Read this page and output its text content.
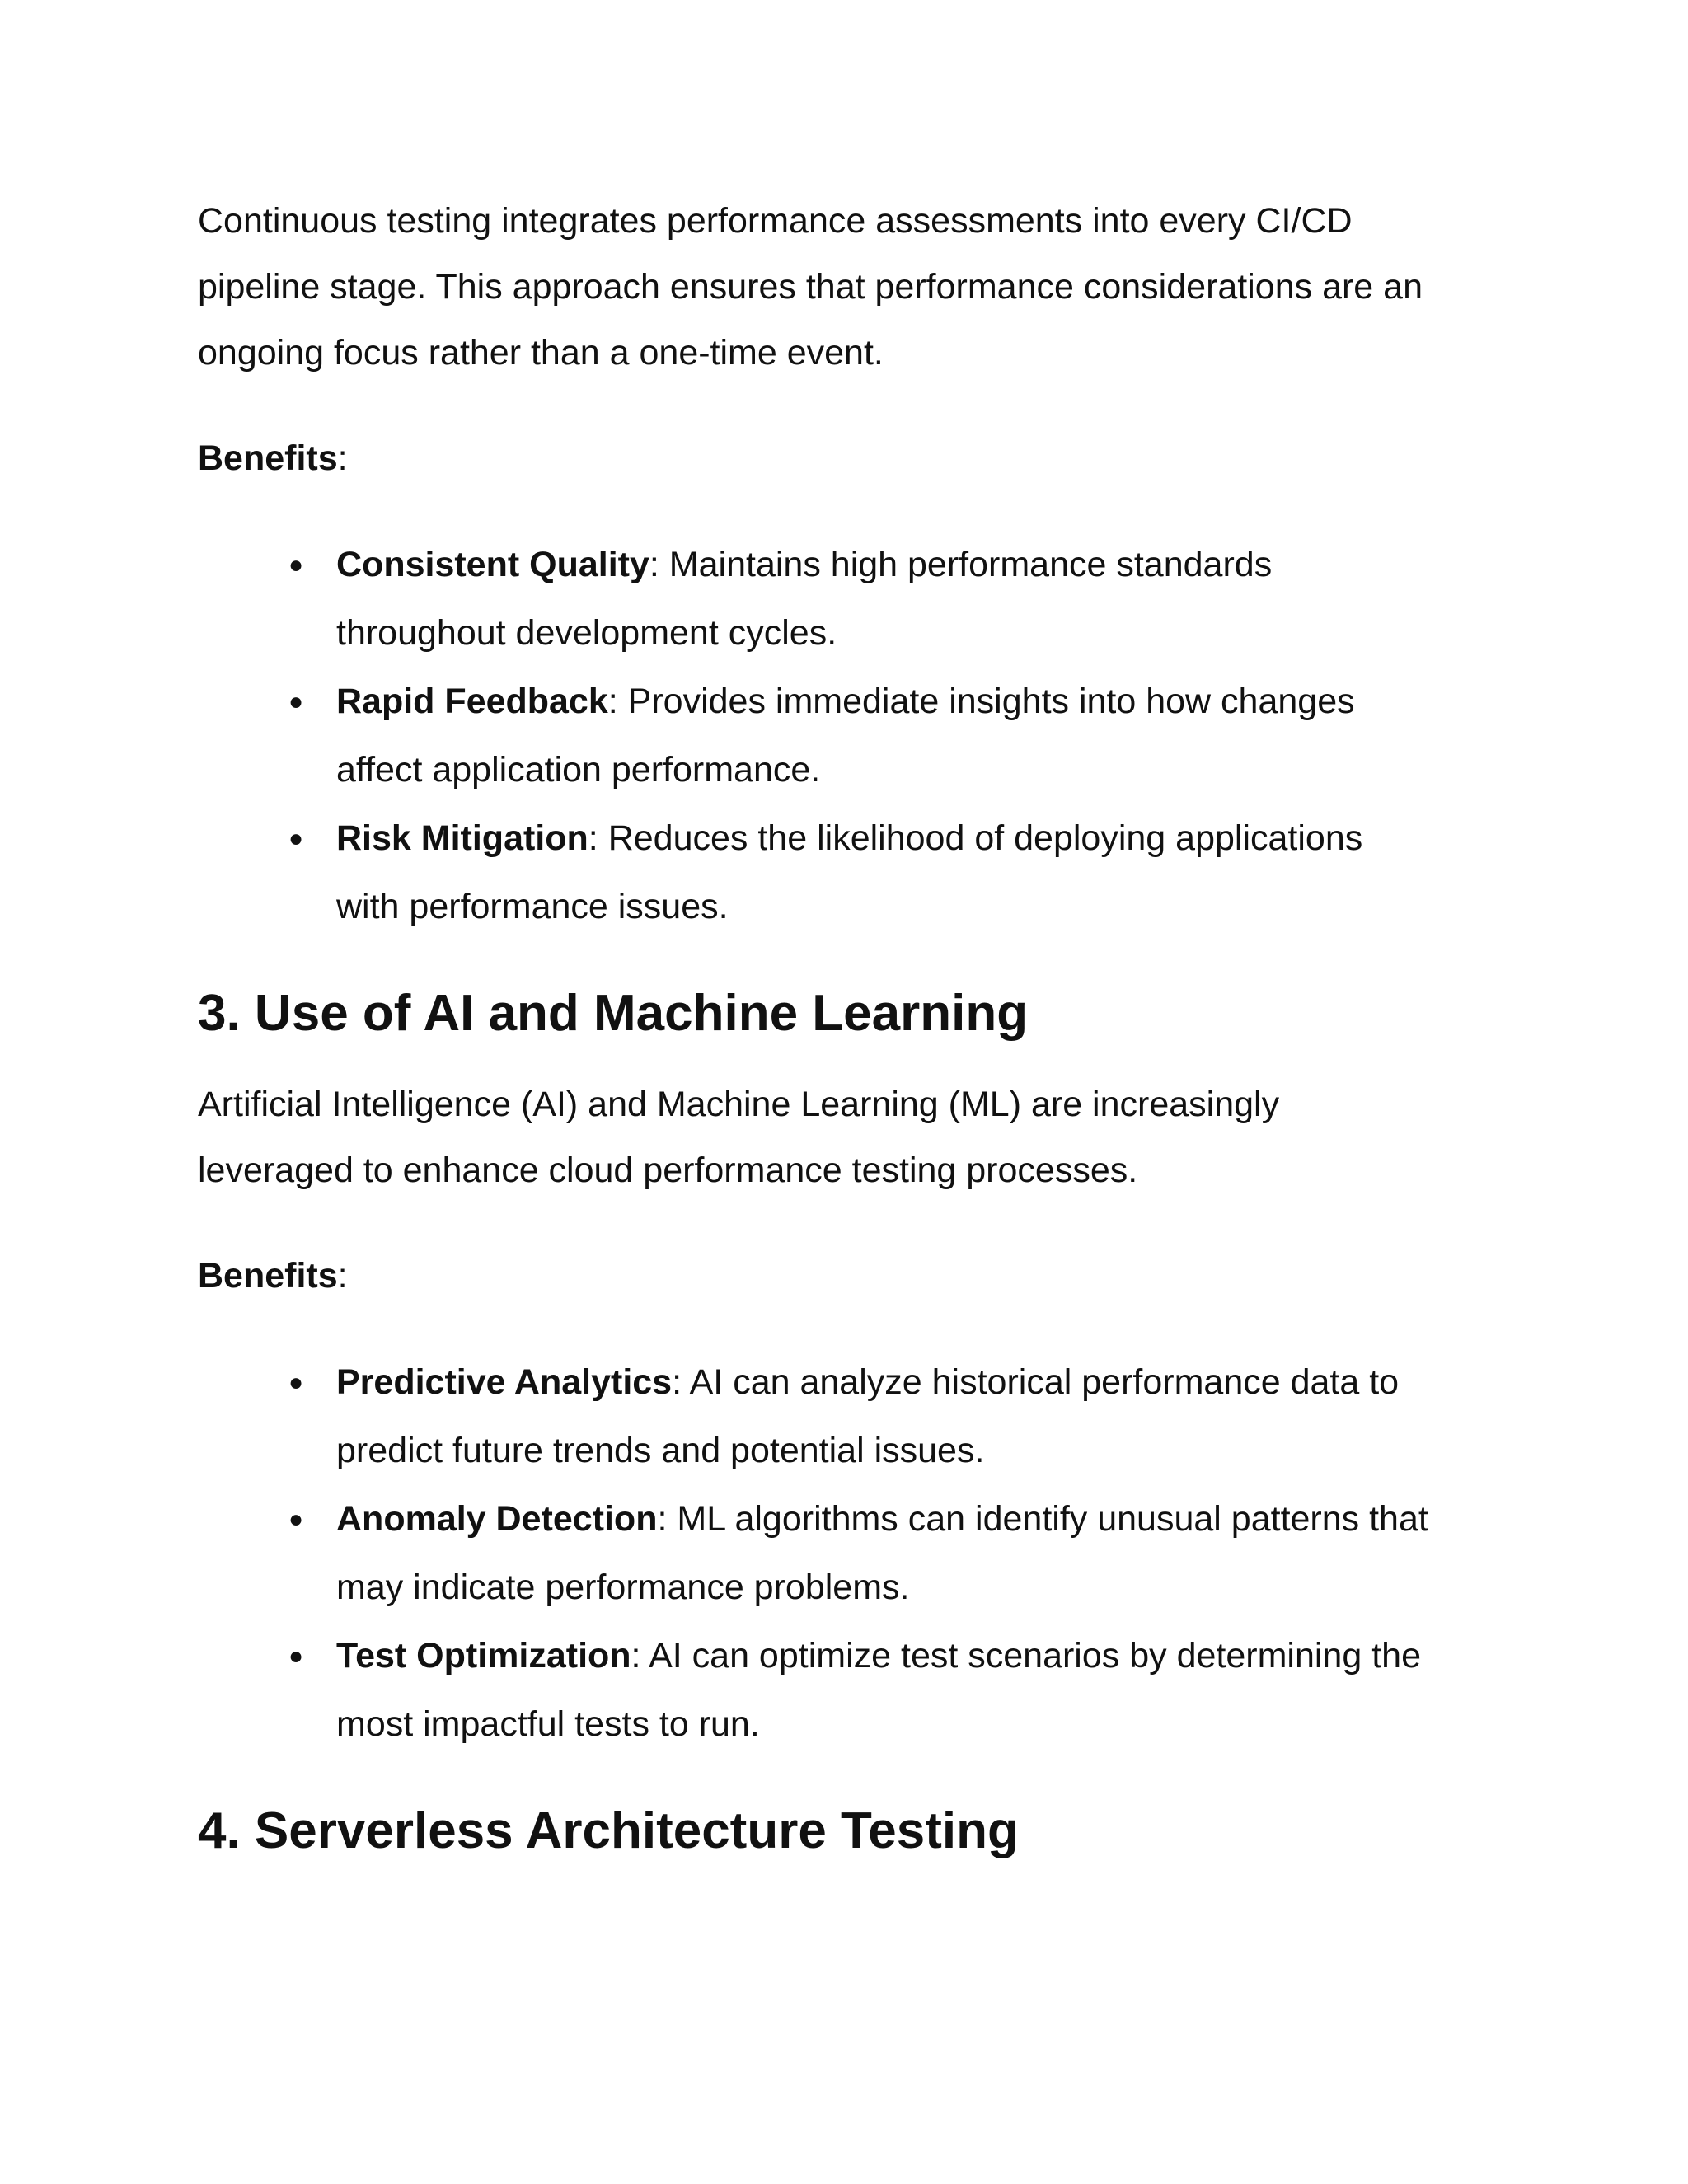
Continuous testing integrates performance assessments into every CI/CD
pipeline stage. This approach ensures that performance considerations are an
ongoing focus rather than a one-time event.

Benefits:

● Consistent Quality: Maintains high performance standards
throughout development cycles.
● Rapid Feedback: Provides immediate insights into how changes
affect application performance.
● Risk Mitigation: Reduces the likelihood of deploying applications
with performance issues.
3. Use of AI and Machine Learning

Artificial Intelligence (AI) and Machine Learning (ML) are increasingly
leveraged to enhance cloud performance testing processes.

Benefits:

● Predictive Analytics: AI can analyze historical performance data to
predict future trends and potential issues.
● Anomaly Detection: ML algorithms can identify unusual patterns that
may indicate performance problems.
● Test Optimization: AI can optimize test scenarios by determining the
most impactful tests to run.
4. Serverless Architecture Testing
